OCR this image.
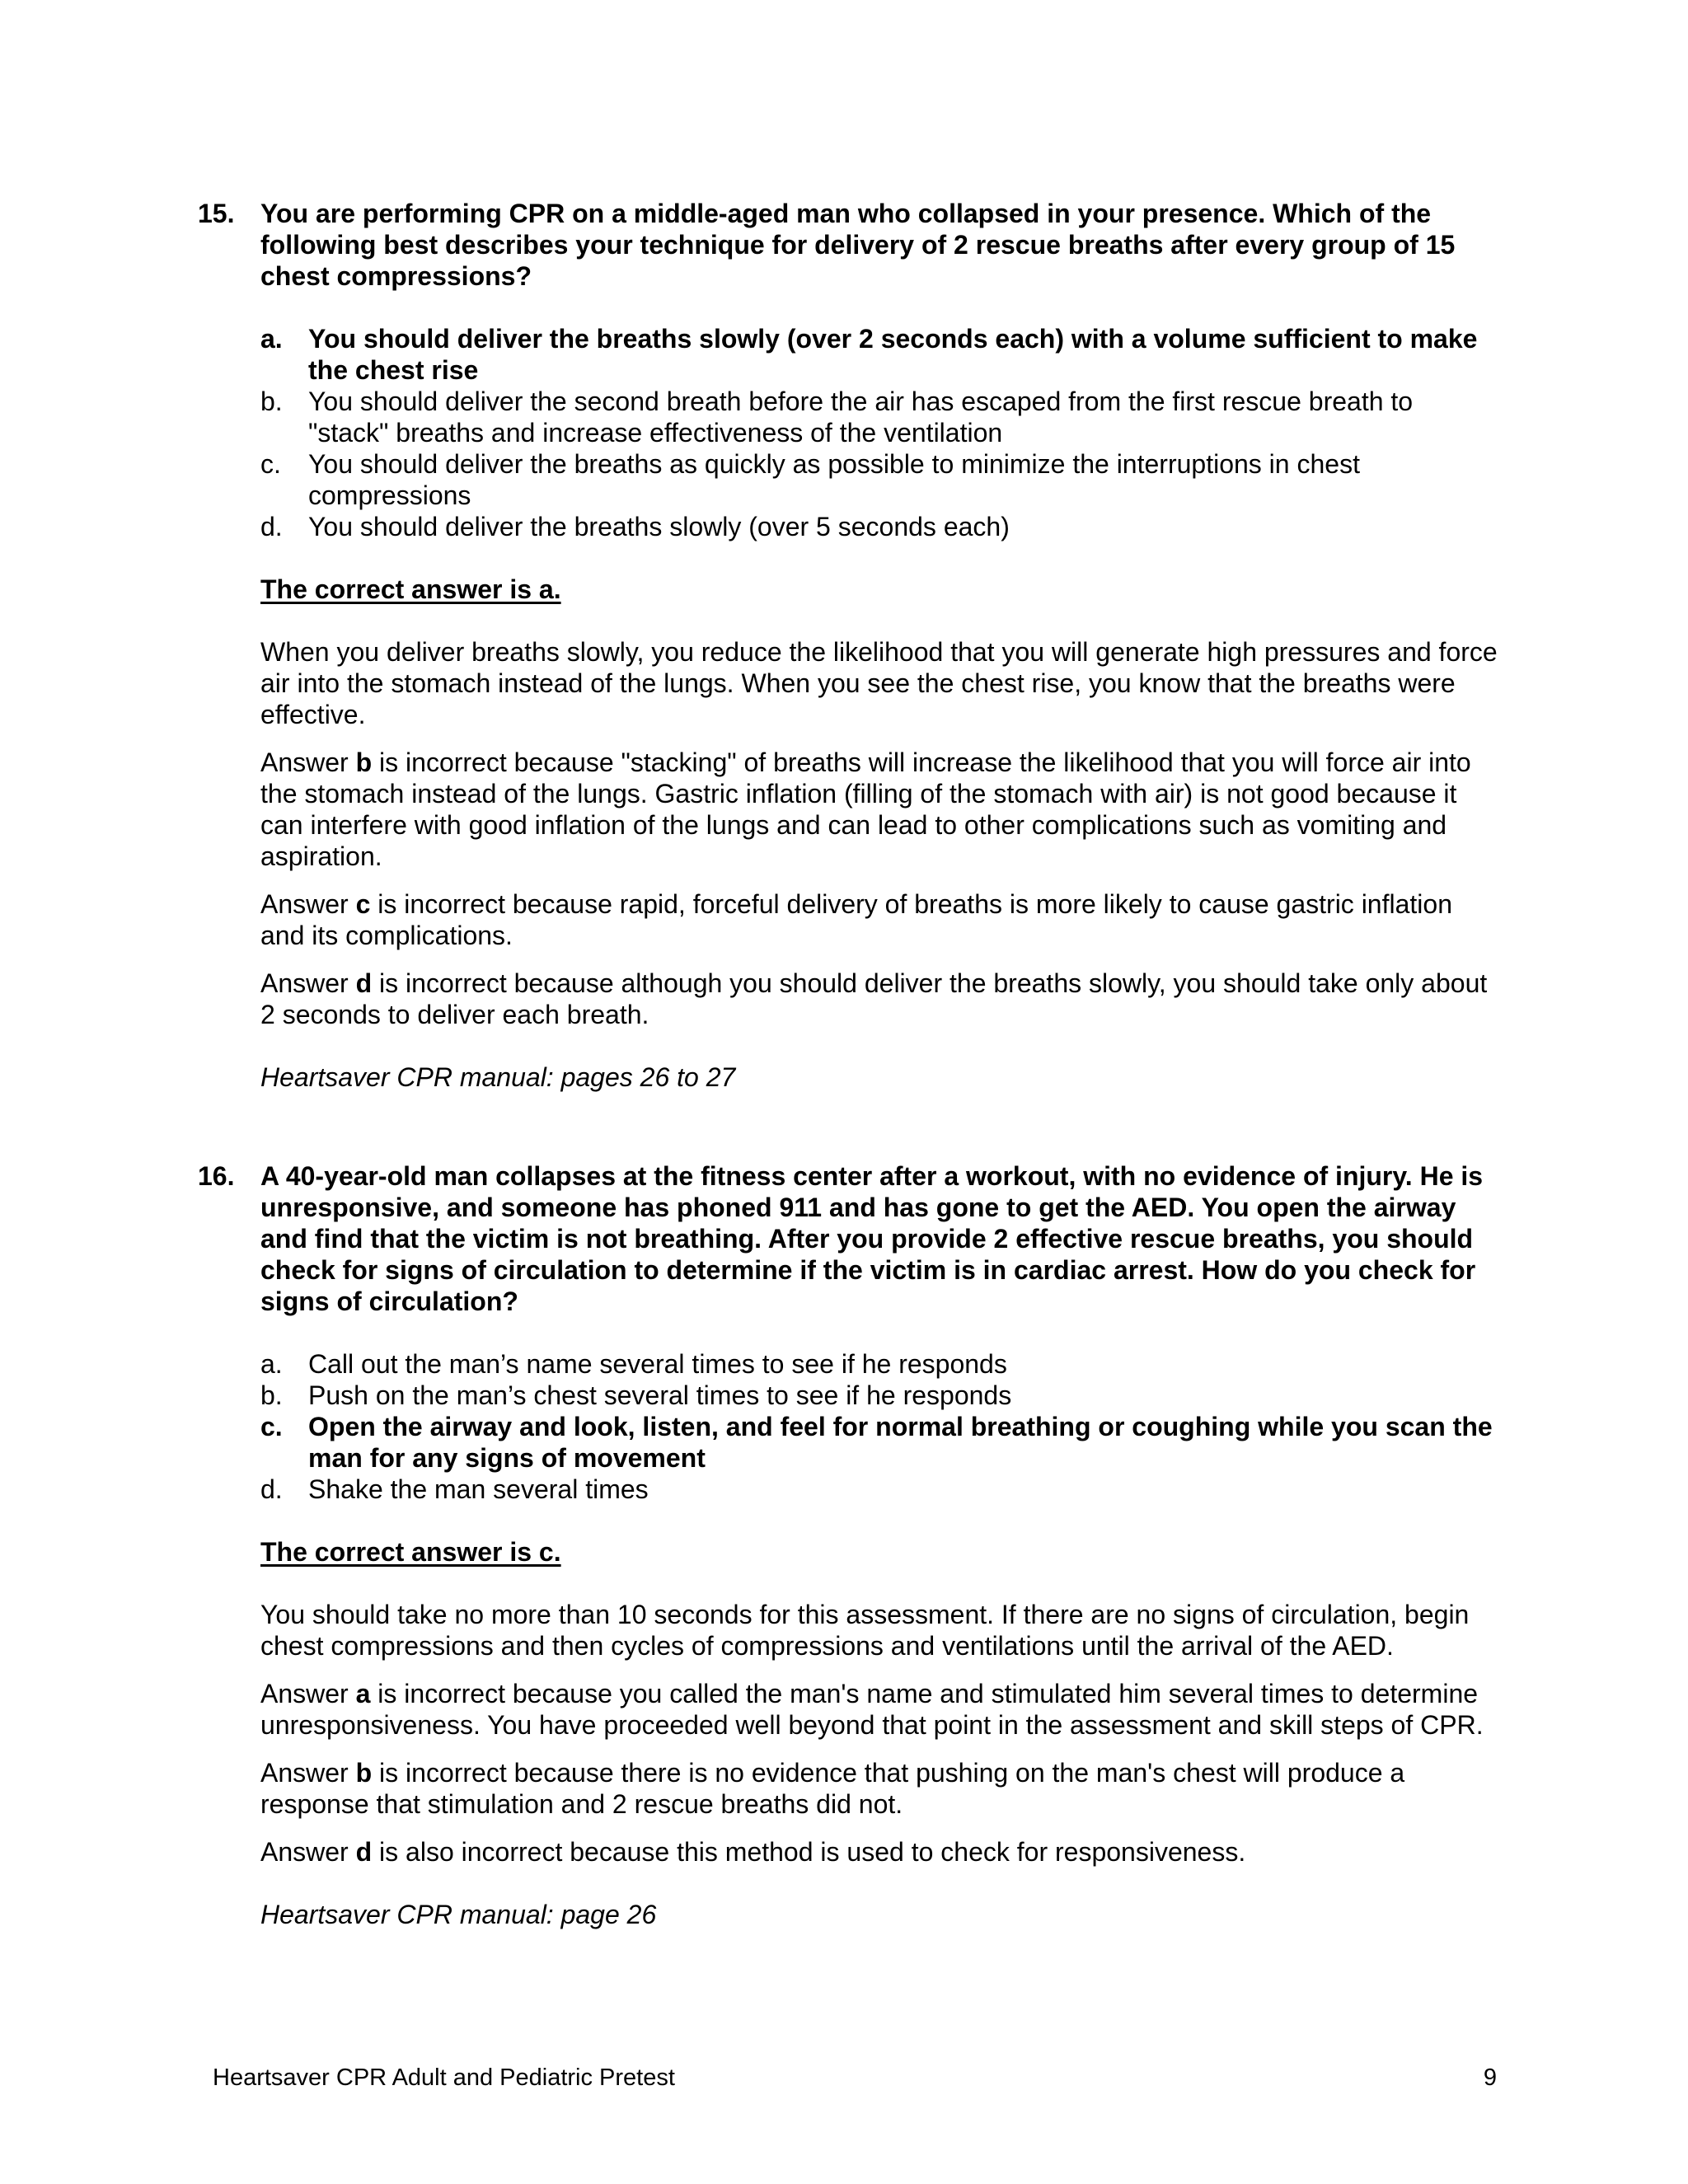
15. You are performing CPR on a middle-aged man who collapsed in your presence. Which of the following best describes your technique for delivery of 2 rescue breaths after every group of 15 chest compressions?
a. You should deliver the breaths slowly (over 2 seconds each) with a volume sufficient to make the chest rise
b. You should deliver the second breath before the air has escaped from the first rescue breath to "stack" breaths and increase effectiveness of the ventilation
c. You should deliver the breaths as quickly as possible to minimize the interruptions in chest compressions
d. You should deliver the breaths slowly (over 5 seconds each)
The correct answer is a.
When you deliver breaths slowly, you reduce the likelihood that you will generate high pressures and force air into the stomach instead of the lungs. When you see the chest rise, you know that the breaths were effective.
Answer b is incorrect because "stacking" of breaths will increase the likelihood that you will force air into the stomach instead of the lungs. Gastric inflation (filling of the stomach with air) is not good because it can interfere with good inflation of the lungs and can lead to other complications such as vomiting and aspiration.
Answer c is incorrect because rapid, forceful delivery of breaths is more likely to cause gastric inflation and its complications.
Answer d is incorrect because although you should deliver the breaths slowly, you should take only about 2 seconds to deliver each breath.
Heartsaver CPR manual: pages 26 to 27
16. A 40-year-old man collapses at the fitness center after a workout, with no evidence of injury. He is unresponsive, and someone has phoned 911 and has gone to get the AED. You open the airway and find that the victim is not breathing. After you provide 2 effective rescue breaths, you should check for signs of circulation to determine if the victim is in cardiac arrest. How do you check for signs of circulation?
a. Call out the man’s name several times to see if he responds
b. Push on the man’s chest several times to see if he responds
c. Open the airway and look, listen, and feel for normal breathing or coughing while you scan the man for any signs of movement
d. Shake the man several times
The correct answer is c.
You should take no more than 10 seconds for this assessment. If there are no signs of circulation, begin chest compressions and then cycles of compressions and ventilations until the arrival of the AED.
Answer a is incorrect because you called the man's name and stimulated him several times to determine unresponsiveness. You have proceeded well beyond that point in the assessment and skill steps of CPR.
Answer b is incorrect because there is no evidence that pushing on the man's chest will produce a response that stimulation and 2 rescue breaths did not.
Answer d is also incorrect because this method is used to check for responsiveness.
Heartsaver CPR manual: page 26
Heartsaver CPR Adult and Pediatric Pretest	9
